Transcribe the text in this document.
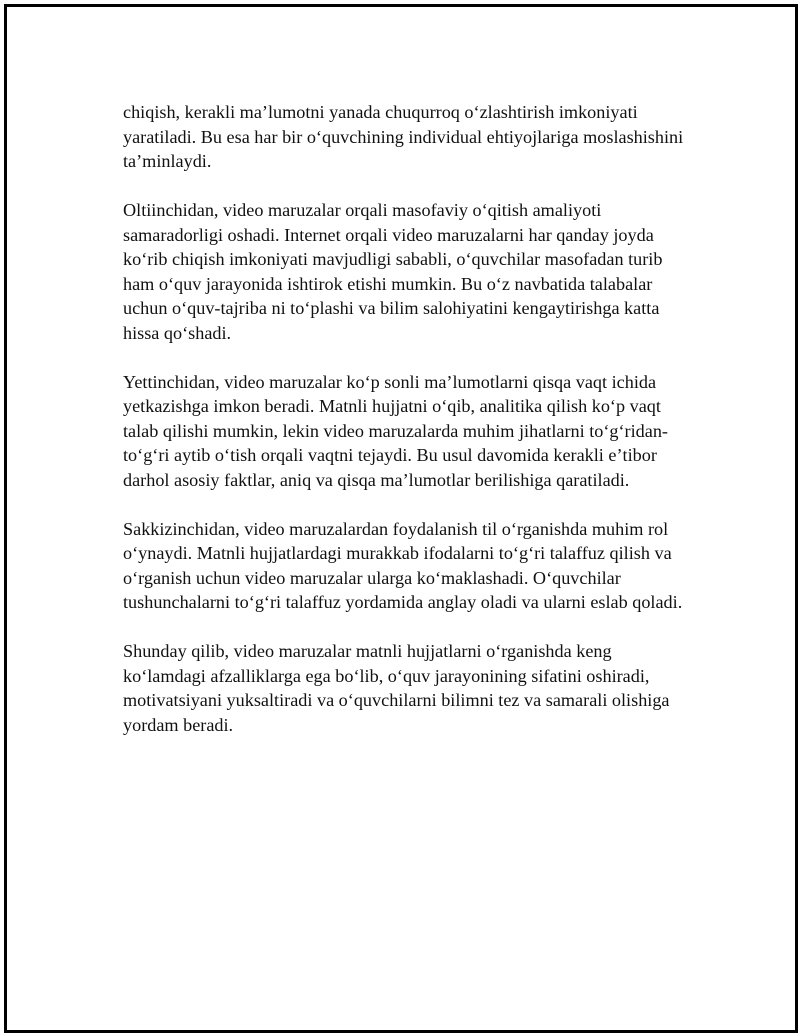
chiqish, kerakli maʼlumotni yanada chuqurroq oʻzlashtirish imkoniyati
yaratiladi. Bu esa har bir oʻquvchining individual ehtiyojlariga moslashishini
taʼminlaydi.

Oltiinchidan, video maruzalar orqali masofaviy oʻqitish amaliyoti
samaradorligi oshadi. Internet orqali video maruzalarni har qanday joyda
koʻrib chiqish imkoniyati mavjudligi sababli, oʻquvchilar masofadan turib
ham oʻquv jarayonida ishtirok etishi mumkin. Bu oʻz navbatida talabalar
uchun oʻquv-tajriba ni toʻplashi va bilim salohiyatini kengaytirishga katta
hissa qoʻshadi.

Yettinchidan, video maruzalar koʻp sonli maʼlumotlarni qisqa vaqt ichida
yetkazishga imkon beradi. Matnli hujjatni oʻqib, analitika qilish koʻp vaqt
talab qilishi mumkin, lekin video maruzalarda muhim jihatlarni toʻgʻridan-
toʻgʻri aytib oʻtish orqali vaqtni tejaydi. Bu usul davomida kerakli eʼtibor
darhol asosiy faktlar, aniq va qisqa maʼlumotlar berilishiga qaratiladi.

Sakkizinchidan, video maruzalardan foydalanish til oʻrganishda muhim rol
oʻynaydi. Matnli hujjatlardagi murakkab ifodalarni toʻgʻri talaffuz qilish va
oʻrganish uchun video maruzalar ularga koʻmaklashadi. Oʻquvchilar
tushunchalarni toʻgʻri talaffuz yordamida anglay oladi va ularni eslab qoladi.

Shunday qilib, video maruzalar matnli hujjatlarni oʻrganishda keng
koʻlamdagi afzalliklarga ega boʻlib, oʻquv jarayonining sifatini oshiradi,
motivatsiyani yuksaltiradi va oʻquvchilarni bilimni tez va samarali olishiga
yordam beradi.
